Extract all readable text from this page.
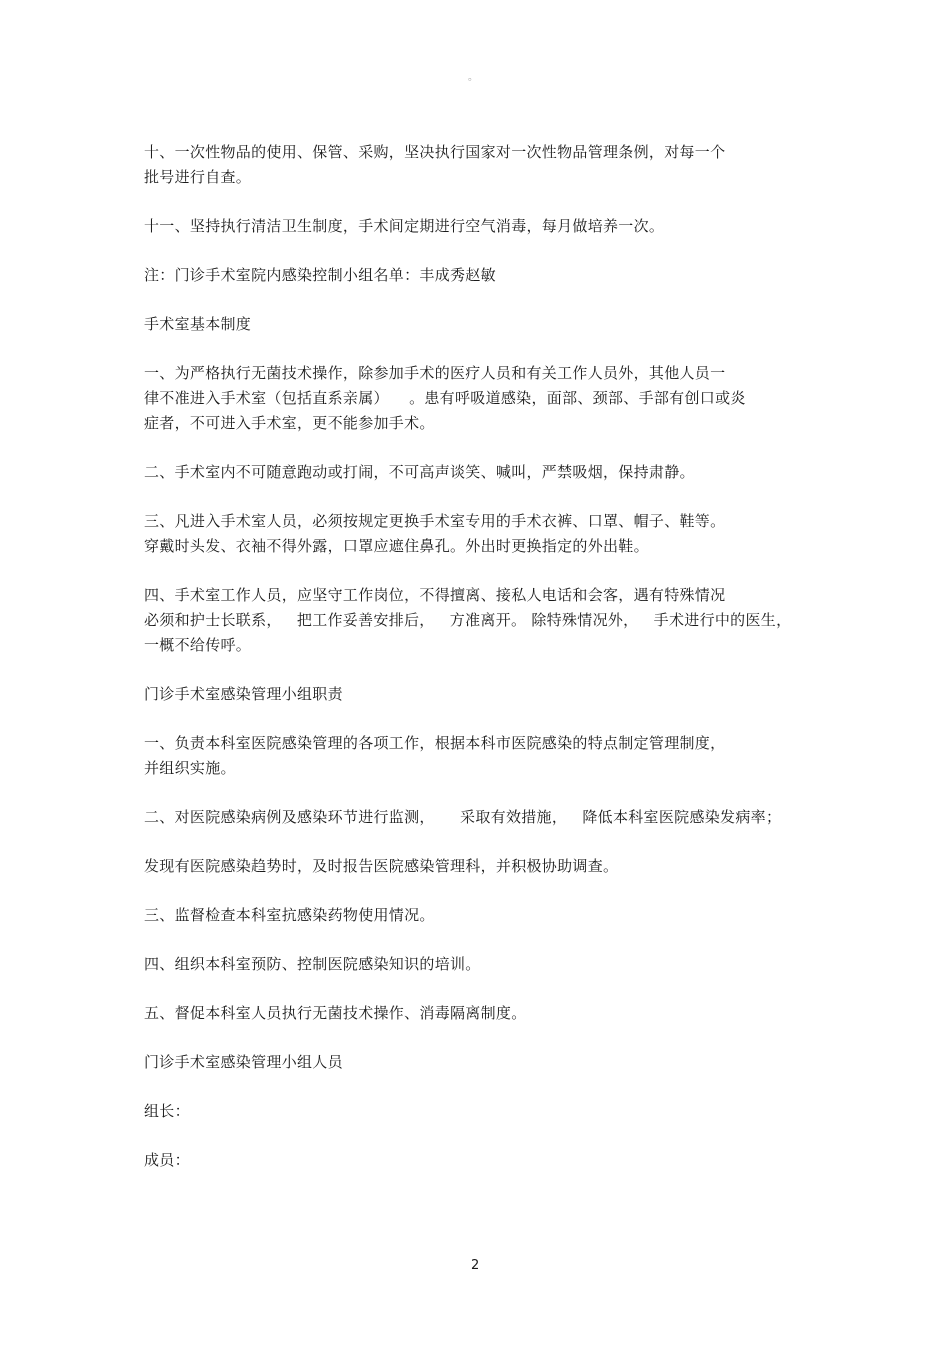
。
十、一次性物品的使用、保管、采购，坚决执行国家对一次性物品管理条例，对每一个
批号进行自查。
十一、坚持执行清洁卫生制度，手术间定期进行空气消毒，每月做培养一次。
注：门诊手术室院内感染控制小组名单：丰成秀赵敏
手术室基本制度
一、为严格执行无菌技术操作，除参加手术的医疗人员和有关工作人员外，其他人员一
律不准进入手术室（包括直系亲属）    。患有呼吸道感染，面部、颈部、手部有创口或炎
症者，不可进入手术室，更不能参加手术。
二、手术室内不可随意跑动或打闹，不可高声谈笑、喊叫，严禁吸烟，保持肃静。
三、凡进入手术室人员，必须按规定更换手术室专用的手术衣裤、口罩、帽子、鞋等。
穿戴时头发、衣袖不得外露，口罩应遮住鼻孔。外出时更换指定的外出鞋。
四、手术室工作人员，应坚守工作岗位，不得擅离、接私人电话和会客，遇有特殊情况
必须和护士长联系，   把工作妥善安排后，   方准离开。 除特殊情况外，   手术进行中的医生，
一概不给传呼。
门诊手术室感染管理小组职责
一、负责本科室医院感染管理的各项工作，根据本科市医院感染的特点制定管理制度，
并组织实施。
二、对医院感染病例及感染环节进行监测，     采取有效措施，   降低本科室医院感染发病率；
发现有医院感染趋势时，及时报告医院感染管理科，并积极协助调查。
三、监督检查本科室抗感染药物使用情况。
四、组织本科室预防、控制医院感染知识的培训。
五、督促本科室人员执行无菌技术操作、消毒隔离制度。
门诊手术室感染管理小组人员
组长：
成员：
2
